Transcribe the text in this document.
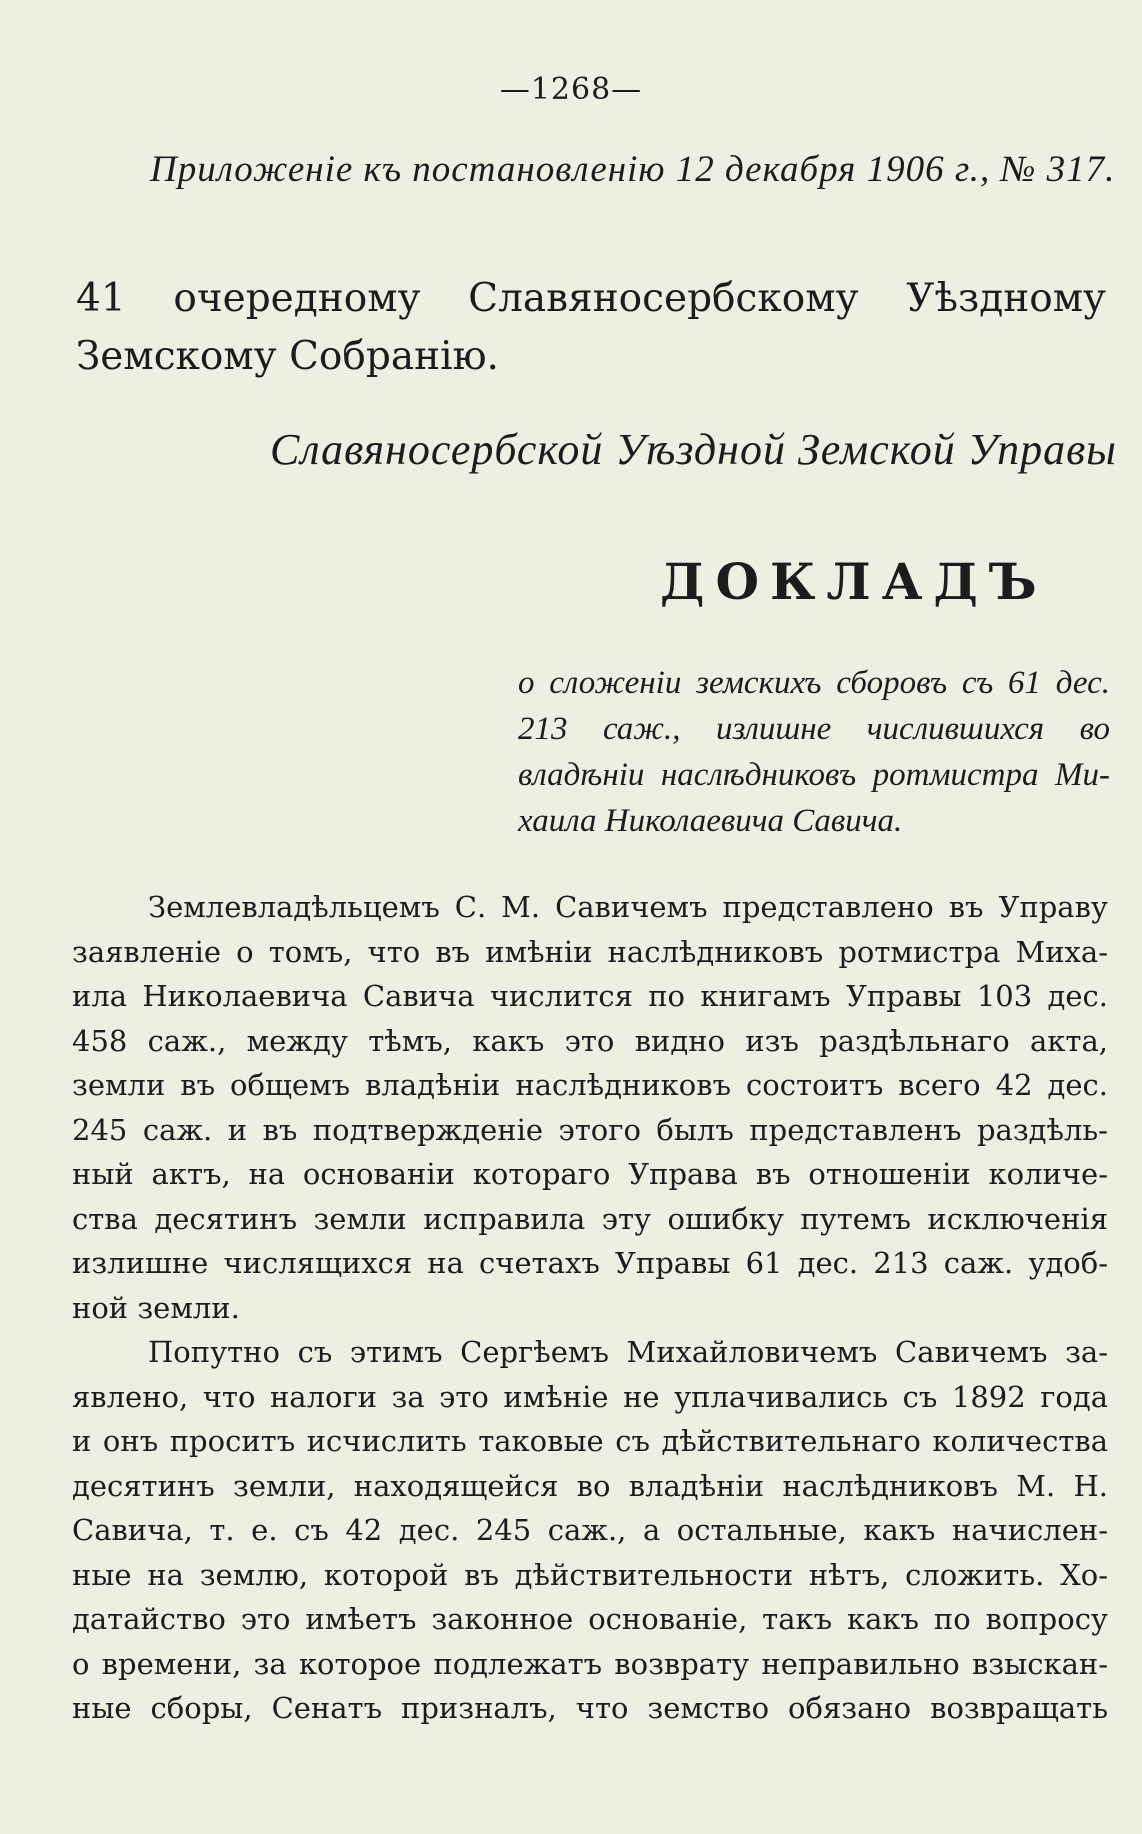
—1268—
Приложеніе къ постановленію 12 декабря 1906 г., № 317.
41 очередному Славяносербскому Уѣздному
Земскому Собранію.
Славяносербской Уѣздной Земской Управы
ДОКЛАДЪ
о сложеніи земскихъ сборовъ съ 61 дес.
213 саж., излишне числившихся во
владѣніи наслѣдниковъ ротмистра Ми-
хаила Николаевича Савича.
Землевладѣльцемъ С. М. Савичемъ представлено въ Управу
заявленіе о томъ, что въ имѣніи наслѣдниковъ ротмистра Миха-
ила Николаевича Савича числится по книгамъ Управы 103 дес.
458 саж., между тѣмъ, какъ это видно изъ раздѣльнаго акта,
земли въ общемъ владѣніи наслѣдниковъ состоитъ всего 42 дес.
245 саж. и въ подтвержденіе этого былъ представленъ раздѣль-
ный актъ, на основаніи котораго Управа въ отношеніи количе-
ства десятинъ земли исправила эту ошибку путемъ исключенія
излишне числящихся на счетахъ Управы 61 дес. 213 саж. удоб-
ной земли.
Попутно съ этимъ Сергѣемъ Михайловичемъ Савичемъ за-
явлено, что налоги за это имѣніе не уплачивались съ 1892 года
и онъ проситъ исчислить таковые съ дѣйствительнаго количества
десятинъ земли, находящейся во владѣніи наслѣдниковъ М. Н.
Савича, т. е. съ 42 дес. 245 саж., а остальные, какъ начислен-
ные на землю, которой въ дѣйствительности нѣтъ, сложить. Хо-
датайство это имѣетъ законное основаніе, такъ какъ по вопросу
о времени, за которое подлежатъ возврату неправильно взыскан-
ные сборы, Сенатъ призналъ, что земство обязано возвращать
